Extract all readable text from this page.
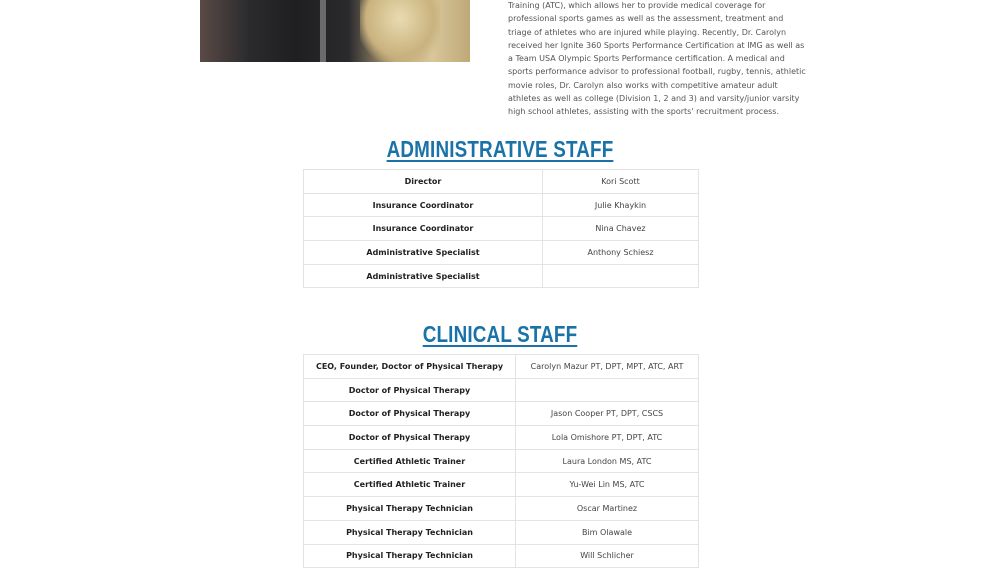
Training (ATC), which allows her to provide medical coverage for professional sports games as well as the assessment, treatment and triage of athletes who are injured while playing. Recently, Dr. Carolyn received her Ignite 360 Sports Performance Certification at IMG as well as a Team USA Olympic Sports Performance certification. A medical and sports performance advisor to professional football, rugby, tennis, athletic movie roles, Dr. Carolyn also works with competitive amateur adult athletes as well as college (Division 1, 2 and 3) and varsity/junior varsity high school athletes, assisting with the sports' recruitment process.

ADMINISTRATIVE STAFF
Director	Kori Scott
Insurance Coordinator	Julie Khaykin
Insurance Coordinator	Nina Chavez
Administrative Specialist	Anthony Schiesz
Administrative Specialist	
CLINICAL STAFF
CEO, Founder, Doctor of Physical Therapy	Carolyn Mazur PT, DPT, MPT, ATC, ART
Doctor of Physical Therapy	
Doctor of Physical Therapy	Jason Cooper PT, DPT, CSCS
Doctor of Physical Therapy	Lola Omishore PT, DPT, ATC
Certified Athletic Trainer	Laura London MS, ATC
Certified Athletic Trainer	Yu-Wei Lin MS, ATC
Physical Therapy Technician	Oscar Martinez
Physical Therapy Technician	Bim Olawale
Physical Therapy Technician	Will Schlicher
